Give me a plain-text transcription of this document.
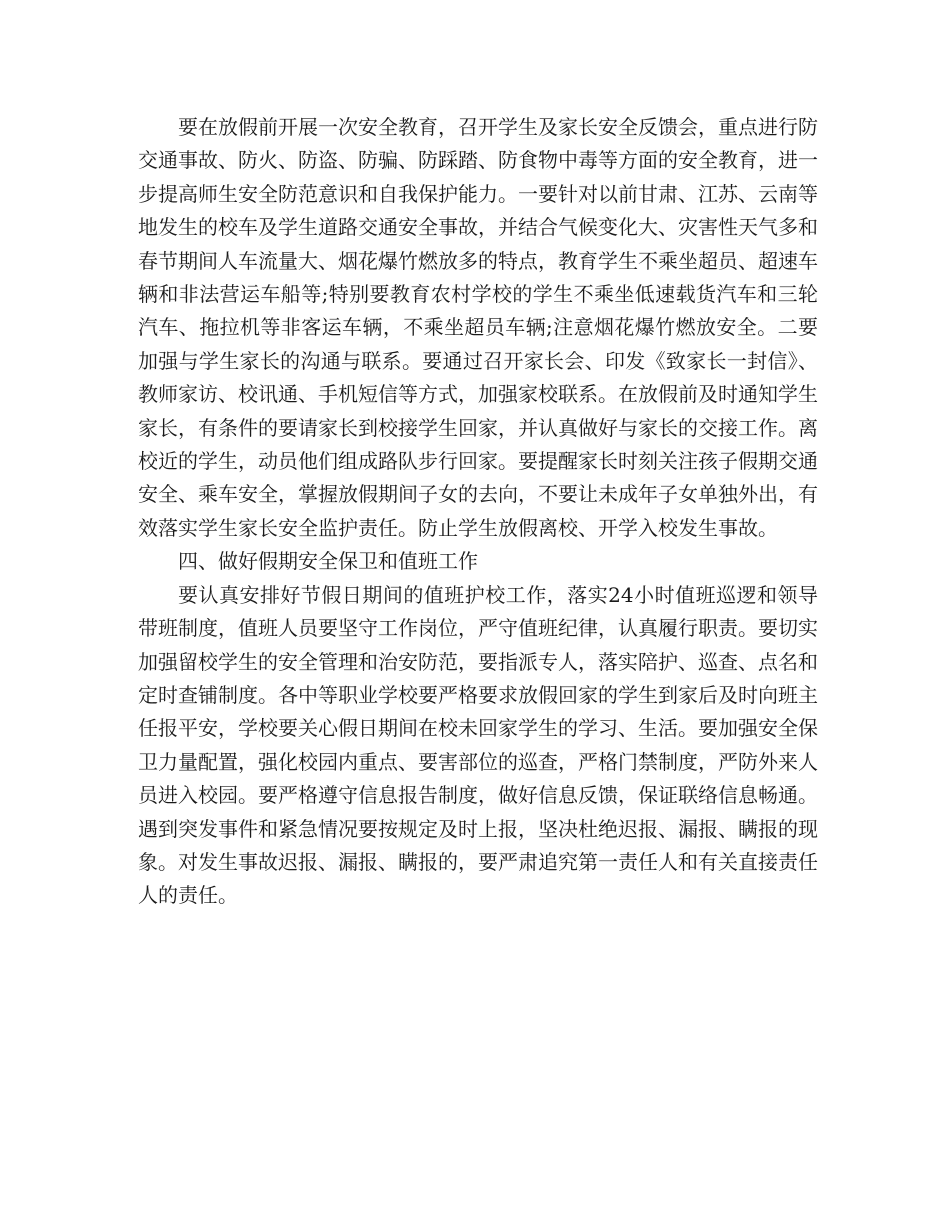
要在放假前开展一次安全教育，召开学生及家长安全反馈会，重点进行防交通事故、防火、防盗、防骗、防踩踏、防食物中毒等方面的安全教育，进一步提高师生安全防范意识和自我保护能力。一要针对以前甘肃、江苏、云南等地发生的校车及学生道路交通安全事故，并结合气候变化大、灾害性天气多和春节期间人车流量大、烟花爆竹燃放多的特点，教育学生不乘坐超员、超速车辆和非法营运车船等;特别要教育农村学校的学生不乘坐低速载货汽车和三轮汽车、拖拉机等非客运车辆，不乘坐超员车辆;注意烟花爆竹燃放安全。二要加强与学生家长的沟通与联系。要通过召开家长会、印发《致家长一封信》、教师家访、校讯通、手机短信等方式，加强家校联系。在放假前及时通知学生家长，有条件的要请家长到校接学生回家，并认真做好与家长的交接工作。离校近的学生，动员他们组成路队步行回家。要提醒家长时刻关注孩子假期交通安全、乘车安全，掌握放假期间子女的去向，不要让未成年子女单独外出，有效落实学生家长安全监护责任。防止学生放假离校、开学入校发生事故。

四、做好假期安全保卫和值班工作

要认真安排好节假日期间的值班护校工作，落实24小时值班巡逻和领导带班制度，值班人员要坚守工作岗位，严守值班纪律，认真履行职责。要切实加强留校学生的安全管理和治安防范，要指派专人，落实陪护、巡查、点名和定时查铺制度。各中等职业学校要严格要求放假回家的学生到家后及时向班主任报平安，学校要关心假日期间在校未回家学生的学习、生活。要加强安全保卫力量配置，强化校园内重点、要害部位的巡查，严格门禁制度，严防外来人员进入校园。要严格遵守信息报告制度，做好信息反馈，保证联络信息畅通。遇到突发事件和紧急情况要按规定及时上报，坚决杜绝迟报、漏报、瞒报的现象。对发生事故迟报、漏报、瞒报的，要严肃追究第一责任人和有关直接责任人的责任。
